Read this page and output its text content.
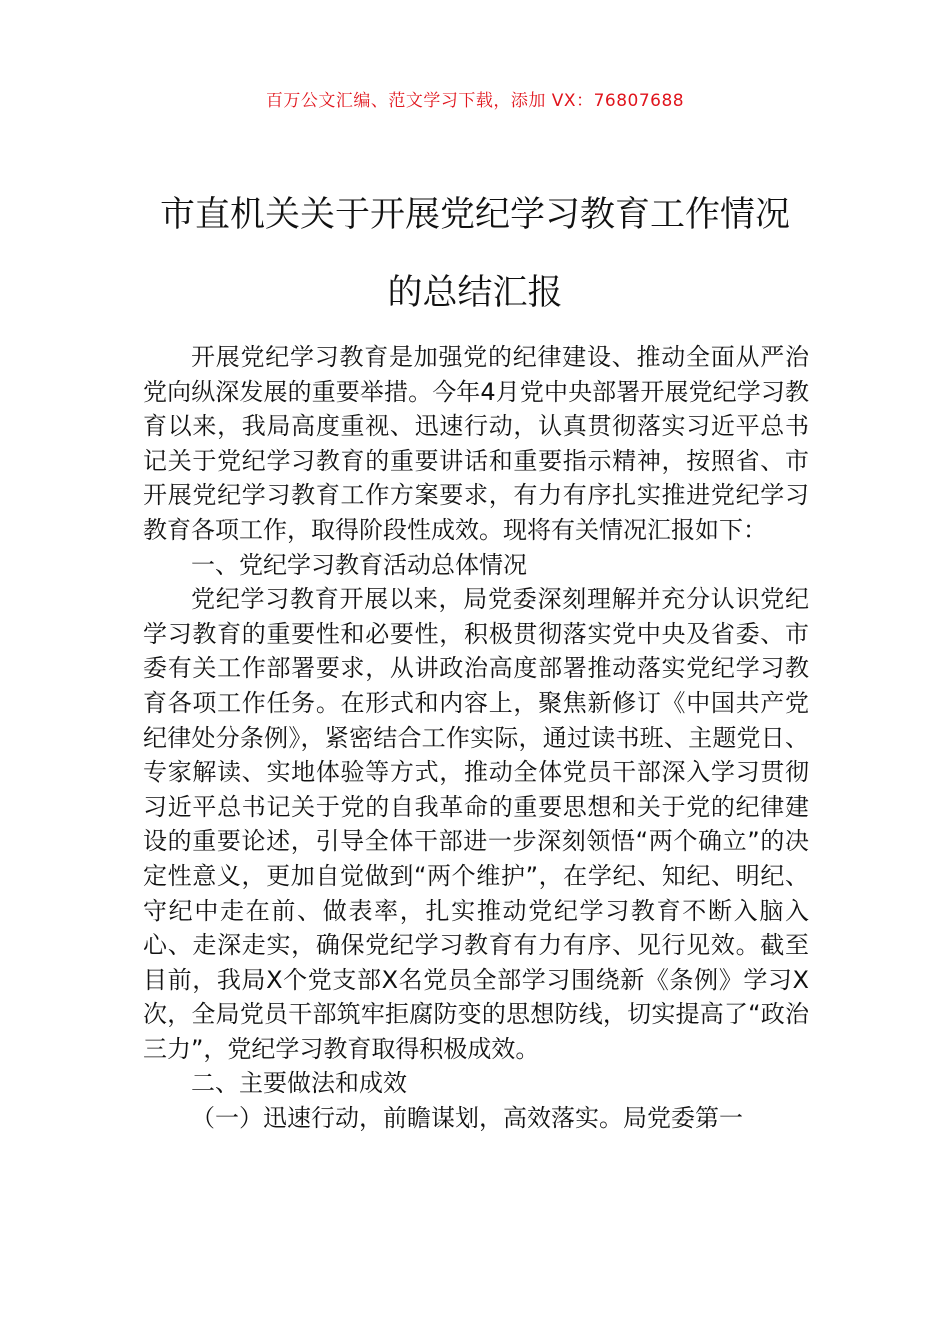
百万公文汇编、范文学习下载，添加 VX：76807688
市直机关关于开展党纪学习教育工作情况
的总结汇报

开展党纪学习教育是加强党的纪律建设、推动全面从严治党向纵深发展的重要举措。今年4月党中央部署开展党纪学习教育以来，我局高度重视、迅速行动，认真贯彻落实习近平总书记关于党纪学习教育的重要讲话和重要指示精神，按照省、市开展党纪学习教育工作方案要求，有力有序扎实推进党纪学习教育各项工作，取得阶段性成效。现将有关情况汇报如下：

一、党纪学习教育活动总体情况

党纪学习教育开展以来，局党委深刻理解并充分认识党纪学习教育的重要性和必要性，积极贯彻落实党中央及省委、市委有关工作部署要求，从讲政治高度部署推动落实党纪学习教育各项工作任务。在形式和内容上，聚焦新修订《中国共产党纪律处分条例》，紧密结合工作实际，通过读书班、主题党日、专家解读、实地体验等方式，推动全体党员干部深入学习贯彻习近平总书记关于党的自我革命的重要思想和关于党的纪律建设的重要论述，引导全体干部进一步深刻领悟“两个确立”的决定性意义，更加自觉做到“两个维护”，在学纪、知纪、明纪、守纪中走在前、做表率，扎实推动党纪学习教育不断入脑入心、走深走实，确保党纪学习教育有力有序、见行见效。截至目前，我局X个党支部X名党员全部学习围绕新《条例》学习X次，全局党员干部筑牢拒腐防变的思想防线，切实提高了“政治三力”，党纪学习教育取得积极成效。

二、主要做法和成效

（一）迅速行动，前瞻谋划，高效落实。局党委第一
